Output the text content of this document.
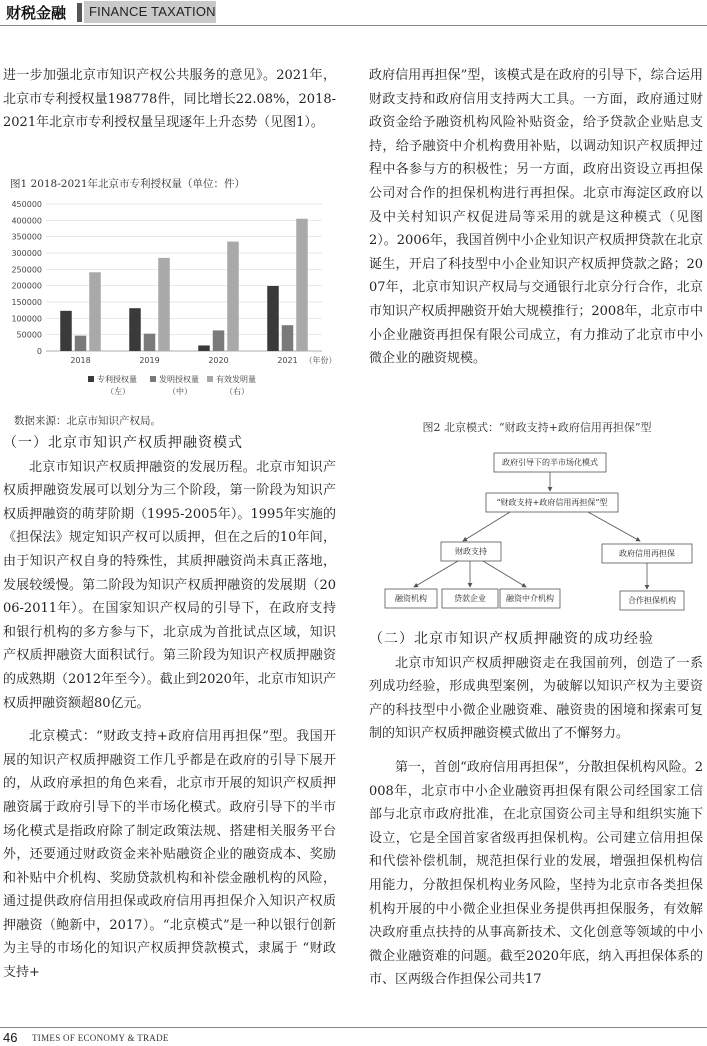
财税金融 FINANCE TAXATION

进一步加强北京市知识产权公共服务的意见》。2021年，北京市专利授权量198778件，同比增长22.08%，2018-2021年北京市专利授权量呈现逐年上升态势（见图1）。

图1 2018-2021年北京市专利授权量（单位：件）
0
50000
100000
150000
200000
250000
300000
350000
400000
450000
2018	2019	2020	2021 （年份）
专利授权量
（左）
发明授权量
（中）
有效发明量
（右）
数据来源：北京市知识产权局。

（一）北京市知识产权质押融资模式

北京市知识产权质押融资的发展历程。北京市知识产权质押融资发展可以划分为三个阶段，第一阶段为知识产权质押融资的萌芽阶期（1995-2005年）。1995年实施的《担保法》规定知识产权可以质押，但在之后的10年间，由于知识产权自身的特殊性，其质押融资尚未真正落地，发展较缓慢。第二阶段为知识产权质押融资的发展期（2006-2011年）。在国家知识产权局的引导下，在政府支持和银行机构的多方参与下，北京成为首批试点区域，知识产权质押融资大面积试行。第三阶段为知识产权质押融资的成熟期（2012年至今）。截止到2020年，北京市知识产权质押融资额超80亿元。

北京模式：“财政支持+政府信用再担保”型。我国开展的知识产权质押融资工作几乎都是在政府的引导下展开的，从政府承担的角色来看，北京市开展的知识产权质押融资属于政府引导下的半市场化模式。政府引导下的半市场化模式是指政府除了制定政策法规、搭建相关服务平台外，还要通过财政资金来补贴融资企业的融资成本、奖励和补贴中介机构、奖励贷款机构和补偿金融机构的风险，通过提供政府信用担保或政府信用再担保介入知识产权质押融资（鲍新中，2017）。“北京模式”是一种以银行创新为主导的市场化的知识产权质押贷款模式，隶属于 “财政支持+

政府信用再担保”型，该模式是在政府的引导下，综合运用财政支持和政府信用支持两大工具。一方面，政府通过财政资金给予融资机构风险补贴资金，给予贷款企业贴息支持，给予融资中介机构费用补贴，以调动知识产权质押过程中各参与方的积极性；另一方面，政府出资设立再担保公司对合作的担保机构进行再担保。北京市海淀区政府以及中关村知识产权促进局等采用的就是这种模式（见图2）。2006年，我国首例中小企业知识产权质押贷款在北京诞生，开启了科技型中小企业知识产权质押贷款之路；2007年，北京市知识产权局与交通银行北京分行合作，北京市知识产权质押融资开始大规模推行；2008年，北京市中小企业融资再担保有限公司成立，有力推动了北京市中小微企业的融资规模。

图2 北京模式：“财政支持+政府信用再担保”型
政府引导下的半市场化模式
“财政支持+政府信用再担保”型
财政支持	政府信用再担保
融资机构	贷款企业	融资中介机构	合作担保机构

（二）北京市知识产权质押融资的成功经验

北京市知识产权质押融资走在我国前列，创造了一系列成功经验，形成典型案例，为破解以知识产权为主要资产的科技型中小微企业融资难、融资贵的困境和探索可复制的知识产权质押融资模式做出了不懈努力。

第一，首创“政府信用再担保”，分散担保机构风险。2008年，北京市中小企业融资再担保有限公司经国家工信部与北京市政府批准，在北京国资公司主导和组织实施下设立，它是全国首家省级再担保机构。公司建立信用担保和代偿补偿机制，规范担保行业的发展，增强担保机构信用能力，分散担保机构业务风险，坚持为北京市各类担保机构开展的中小微企业担保业务提供再担保服务，有效解决政府重点扶持的从事高新技术、文化创意等领域的中小微企业融资难的问题。截至2020年底，纳入再担保体系的市、区两级合作担保公司共17

46 TIMES OF ECONOMY & TRADE
